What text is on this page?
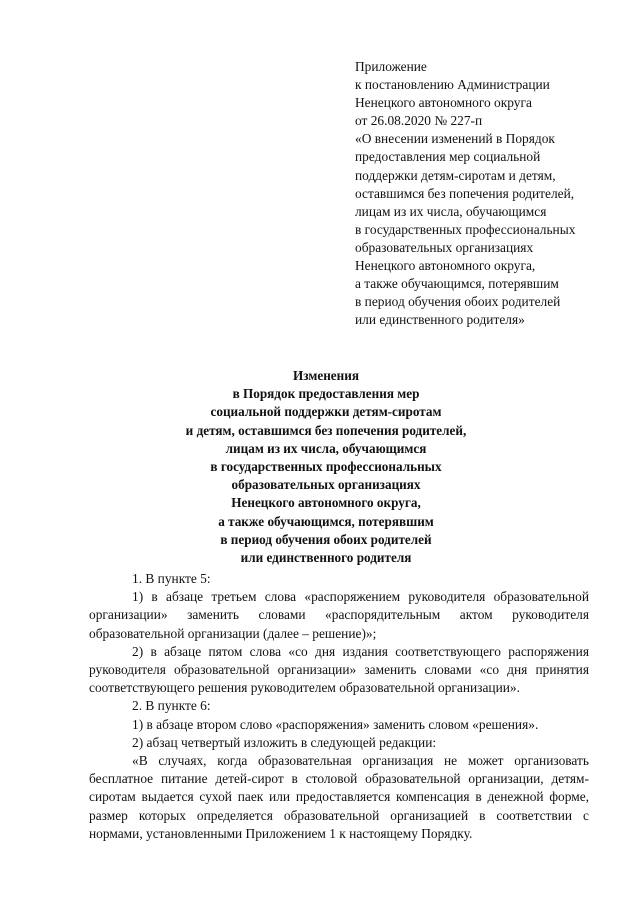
Приложение
к постановлению Администрации
Ненецкого автономного округа
от 26.08.2020 № 227-п
«О внесении изменений в Порядок
предоставления мер социальной
поддержки детям-сиротам и детям,
оставшимся без попечения родителей,
лицам из их числа, обучающимся
в государственных профессиональных
образовательных организациях
Ненецкого автономного округа,
а также обучающимся, потерявшим
в период обучения обоих родителей
или единственного родителя»
Изменения
в Порядок предоставления мер
социальной поддержки детям-сиротам
и детям, оставшимся без попечения родителей,
лицам из их числа, обучающимся
в государственных профессиональных
образовательных организациях
Ненецкого автономного округа,
а также обучающимся, потерявшим
в период обучения обоих родителей
или единственного родителя

1. В пункте 5:

1) в абзаце третьем слова «распоряжением руководителя образовательной организации» заменить словами «распорядительным актом руководителя образовательной организации (далее – решение)»;

2) в абзаце пятом слова «со дня издания соответствующего распоряжения руководителя образовательной организации» заменить словами «со дня принятия соответствующего решения руководителем образовательной организации».

2. В пункте 6:

1) в абзаце втором слово «распоряжения» заменить словом «решения».

2) абзац четвертый изложить в следующей редакции:

«В случаях, когда образовательная организация не может организовать бесплатное питание детей-сирот в столовой образовательной организации, детям-сиротам выдается сухой паек или предоставляется компенсация в денежной форме, размер которых определяется образовательной организацией в соответствии с нормами, установленными Приложением 1 к настоящему Порядку.
